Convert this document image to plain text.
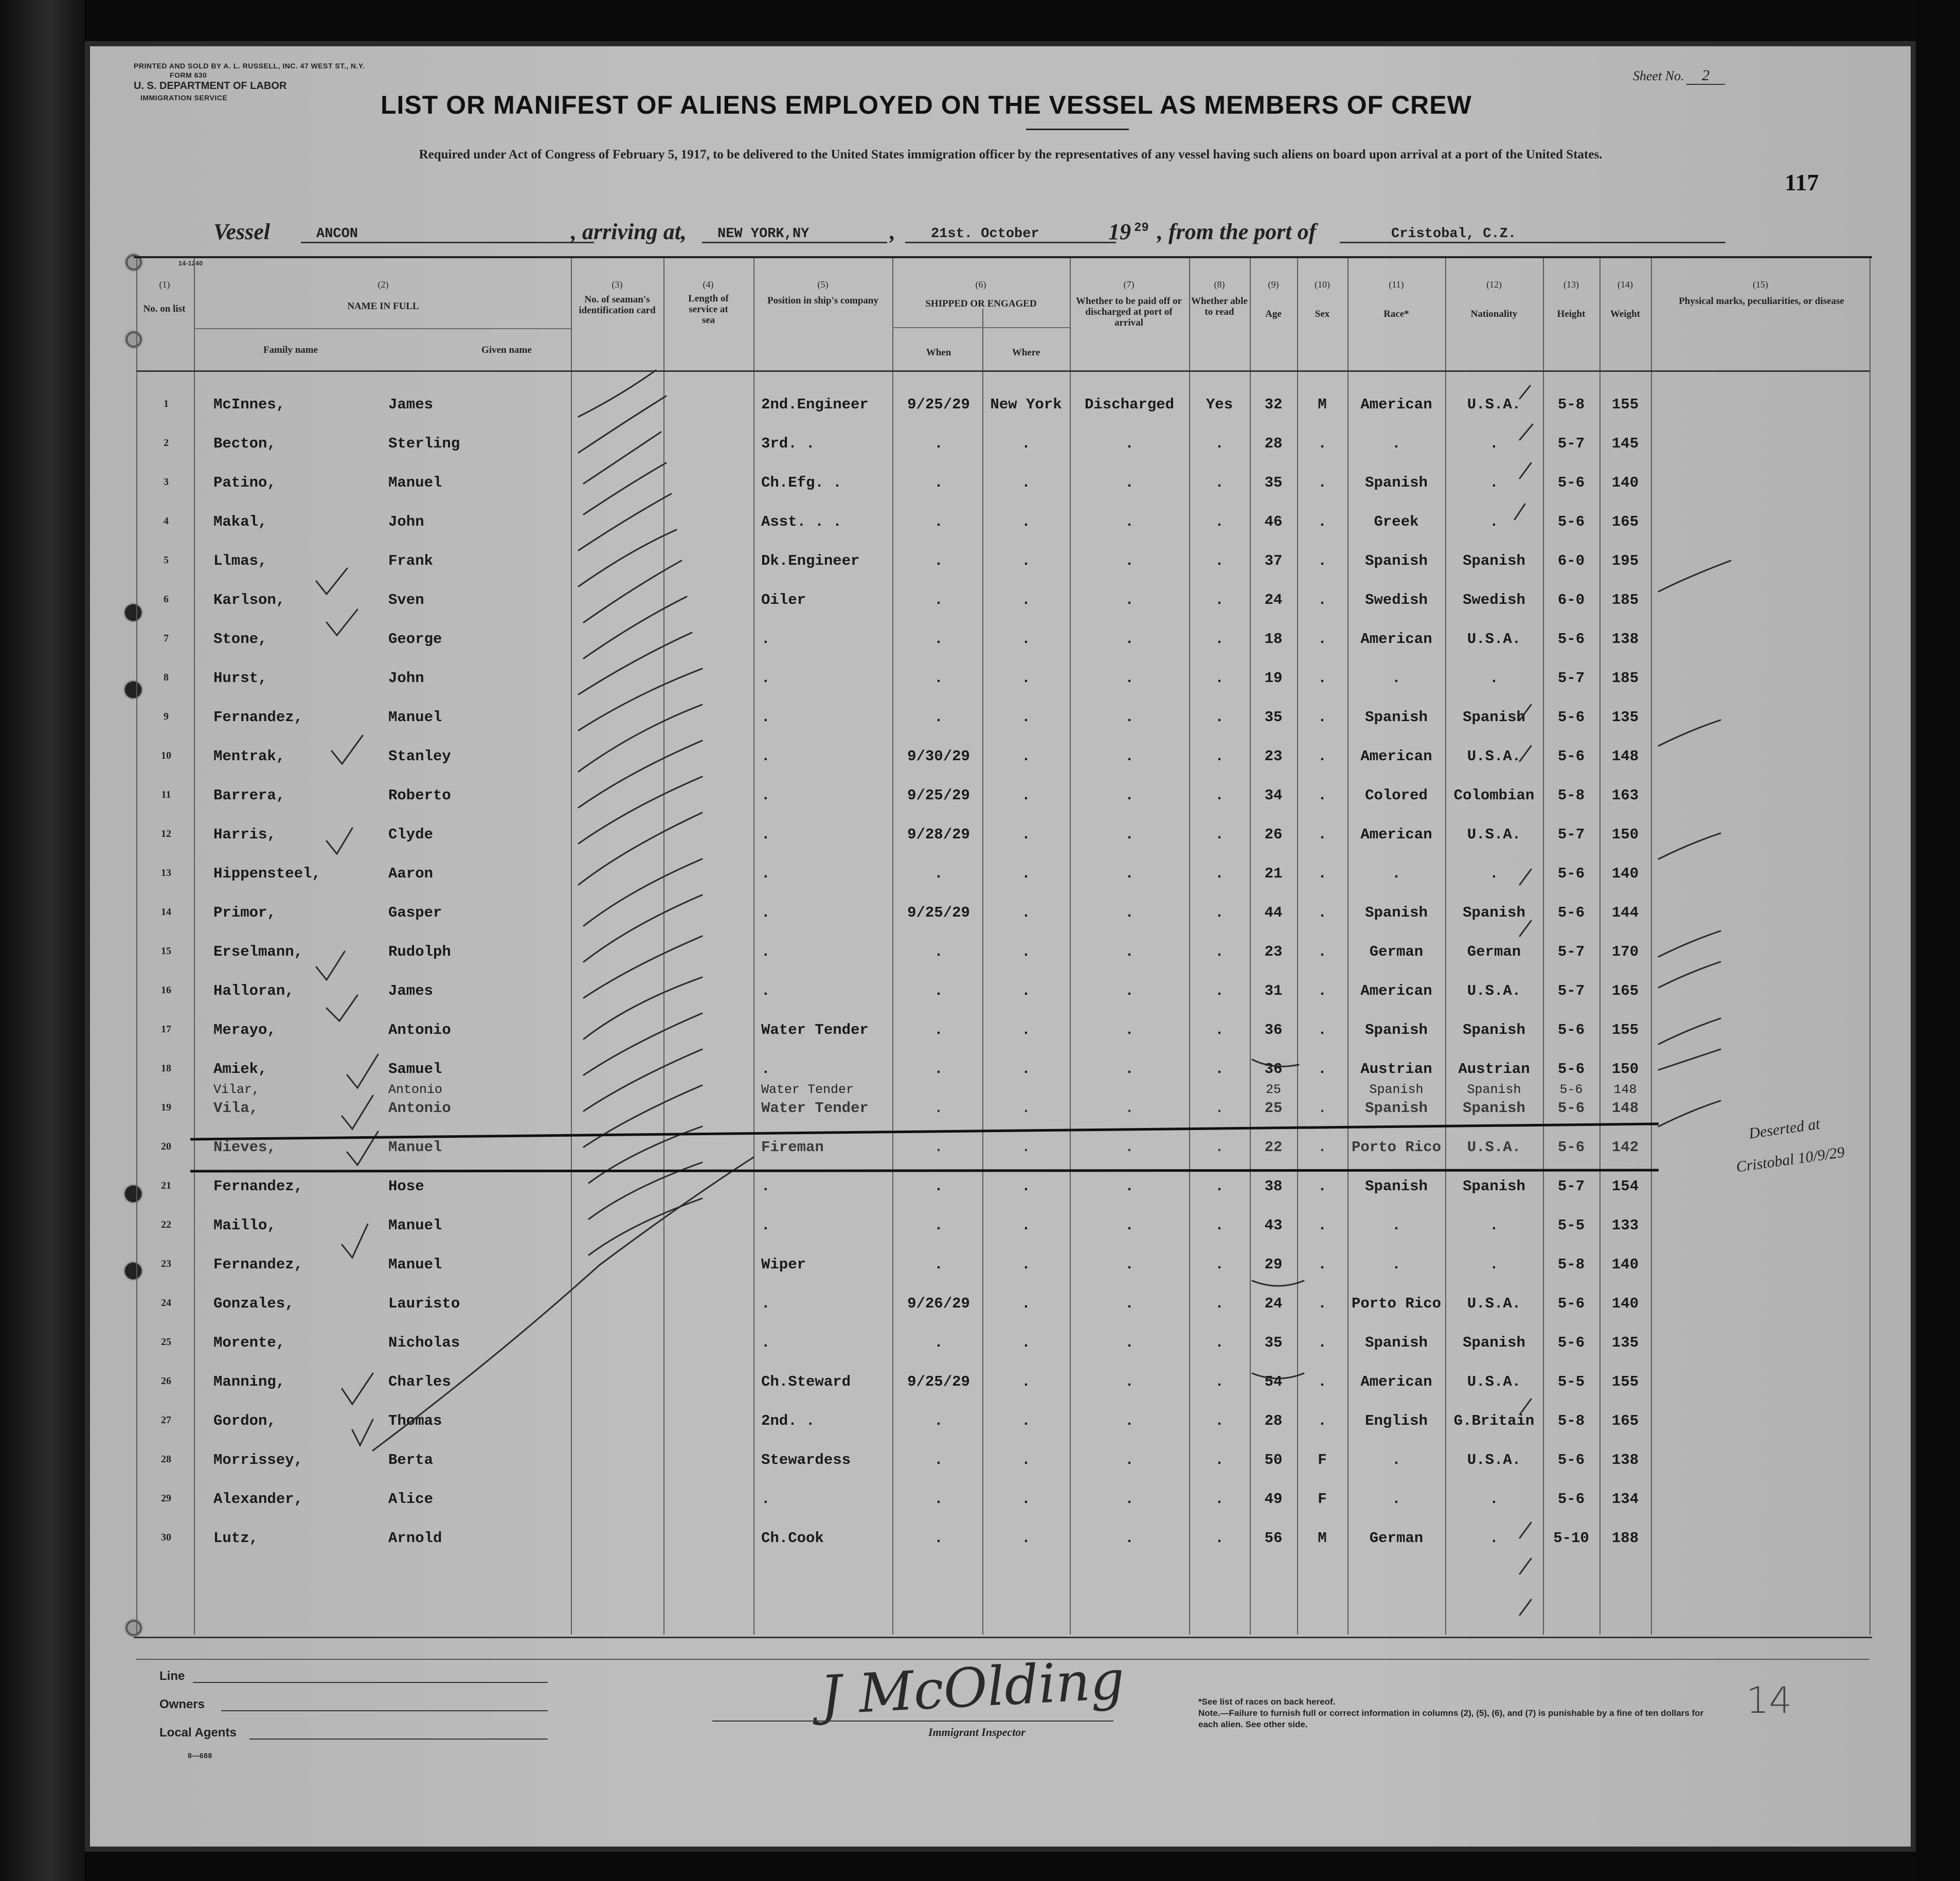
PRINTED AND SOLD BY A. L. RUSSELL, INC. 47 WEST ST., N.Y.
FORM 630
U. S. DEPARTMENT OF LABOR
IMMIGRATION SERVICE
Sheet No. 2
LIST OR MANIFEST OF ALIENS EMPLOYED ON THE VESSEL AS MEMBERS OF CREW
Required under Act of Congress of February 5, 1917, to be delivered to the United States immigration officer by the representatives of any vessel having such aliens on board upon arrival at a port of the United States.
117
Vessel	ANCON	, arriving at,	NEW YORK,NY	,	21st. October	19 29 , from the port of	Cristobal, C.Z.
14-1240
(1)
No. on list
(2)
NAME IN FULL
Family name	Given name
(3)
No. of seaman's identification card
(4)
Length of service at sea
(5)
Position in ship's company
(6)
SHIPPED OR ENGAGED
When	Where
(7)
Whether to be paid off or discharged at port of arrival
(8)
Whether able to read
(9)
Age
(10)
Sex
(11)
Race*
(12)
Nationality
(13)
Height
(14)
Weight
(15)
Physical marks, peculiarities, or disease
1	McInnes,	James	2nd.Engineer	9/25/29	New York	Discharged	Yes	32	M	American	U.S.A.	5-8	155
2	Becton,	Sterling	3rd. .	.	.	.	.	28	.	.	.	5-7	145
3	Patino,	Manuel	Ch.Efg. .	.	.	.	.	35	.	Spanish	.	5-6	140
4	Makal,	John	Asst. . .	.	.	.	.	46	.	Greek	.	5-6	165
5	Llmas,	Frank	Dk.Engineer	.	.	.	.	37	.	Spanish	Spanish	6-0	195
6	Karlson,	Sven	Oiler	.	.	.	.	24	.	Swedish	Swedish	6-0	185
7	Stone,	George	.	.	.	.	.	18	.	American	U.S.A.	5-6	138
8	Hurst,	John	.	.	.	.	.	19	.	.	.	5-7	185
9	Fernandez,	Manuel	.	.	.	.	.	35	.	Spanish	Spanish	5-6	135
10	Mentrak,	Stanley	.	9/30/29	.	.	.	23	.	American	U.S.A.	5-6	148
11	Barrera,	Roberto	.	9/25/29	.	.	.	34	.	Colored	Colombian	5-8	163
12	Harris,	Clyde	.	9/28/29	.	.	.	26	.	American	U.S.A.	5-7	150
13	Hippensteel,	Aaron	.	.	.	.	.	21	.	.	.	5-6	140
14	Primor,	Gasper	.	9/25/29	.	.	.	44	.	Spanish	Spanish	5-6	144
15	Erselmann,	Rudolph	.	.	.	.	.	23	.	German	German	5-7	170
16	Halloran,	James	.	.	.	.	.	31	.	American	U.S.A.	5-7	165
17	Merayo,	Antonio	Water Tender	.	.	.	.	36	.	Spanish	Spanish	5-6	155
18	Amiek,	Samuel	.	.	.	.	.	36	.	Austrian	Austrian	5-6	150
19	Vila,	Antonio	Water Tender	.	.	.	.	25	.	Spanish	Spanish	5-6	148
20	Nieves,	Manuel	Fireman	.	.	.	.	22	.	Porto Rico	U.S.A.	5-6	142
21	Fernandez,	Hose	.	.	.	.	.	38	.	Spanish	Spanish	5-7	154
22	Maillo,	Manuel	.	.	.	.	.	43	.	.	.	5-5	133
23	Fernandez,	Manuel	Wiper	.	.	.	.	29	.	.	.	5-8	140
24	Gonzales,	Lauristo	.	9/26/29	.	.	.	24	.	Porto Rico	U.S.A.	5-6	140
25	Morente,	Nicholas	.	.	.	.	.	35	.	Spanish	Spanish	5-6	135
26	Manning,	Charles	Ch.Steward	9/25/29	.	.	.	54	.	American	U.S.A.	5-5	155
27	Gordon,	Thomas	2nd. .	.	.	.	.	28	.	English	G.Britain	5-8	165
28	Morrissey,	Berta	Stewardess	.	.	.	.	50	F	.	U.S.A.	5-6	138
29	Alexander,	Alice	.	.	.	.	.	49	F	.	.	5-6	134
30	Lutz,	Arnold	Ch.Cook	.	.	.	.	56	M	German	.	5-10	188
Vilar,	Antonio	Water Tender	25	Spanish	Spanish	5-6	148
Deserted at
Cristobal 10/9/29
Line
Owners
Local Agents
J McOlding
Immigrant Inspector
*See list of races on back hereof.
Note.—Failure to furnish full or correct information in columns (2), (5), (6), and (7) is punishable by a fine of ten dollars for each alien. See other side.
14
8—688
